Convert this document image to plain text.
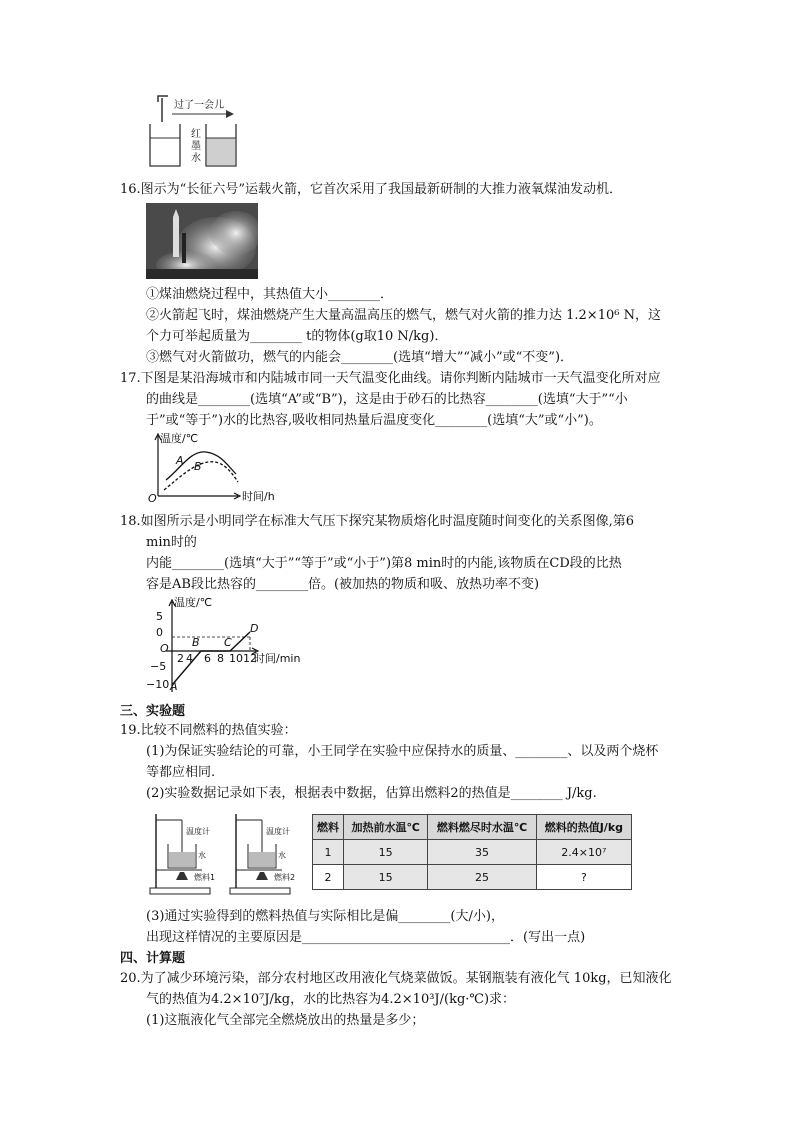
过了一会儿
红
墨
水
16.图示为“长征六号”运载火箭，它首次采用了我国最新研制的大推力液氧煤油发动机．
①煤油燃烧过程中，其热值大小________．
②火箭起飞时，煤油燃烧产生大量高温高压的燃气，燃气对火箭的推力达 1.2×10⁶ N，这
个力可举起质量为________ t的物体(g取10 N/kg)．
③燃气对火箭做功，燃气的内能会________(选填“增大”“减小”或“不变”)．
17.下图是某沿海城市和内陆城市同一天气温变化曲线。请你判断内陆城市一天气温变化所对应
的曲线是________(选填“A”或“B”)，这是由于砂石的比热容________(选填“大于”“小
于”或“等于”)水的比热容,吸收相同热量后温度变化________(选填“大”或“小”)。
温度/℃
时间/h
O
A B
18.如图所示是小明同学在标准大气压下探究某物质熔化时温度随时间变化的关系图像,第6
min时的
内能________(选填“大于”“等于”或“小于”)第8 min时的内能,该物质在CD段的比热
容是AB段比热容的________倍。(被加热的物质和吸、放热功率不变)
温度/℃
时间/min
O
5
0
−5
−10
2 4 6 8 10 12
A
B C
D
三、实验题
19.比较不同燃料的热值实验：
(1)为保证实验结论的可靠，小王同学在实验中应保持水的质量、________、以及两个烧杯
等都应相同.
(2)实验数据记录如下表，根据表中数据，估算出燃料2的热值是________ J/kg.
温度计
水
燃料1
温度计
水
燃料2
燃料	加热前水温℃	燃料燃尽时水温℃	燃料的热值J/kg
1	15	35	2.4×10⁷
2	15	25	?
(3)通过实验得到的燃料热值与实际相比是偏________(大/小)，
出现这样情况的主要原因是________________________________．(写出一点)
四、计算题
20.为了减少环境污染，部分农村地区改用液化气烧菜做饭。某钢瓶装有液化气 10kg，已知液化
气的热值为4.2×10⁷J/kg，水的比热容为4.2×10³J/(kg·℃)求：
(1)这瓶液化气全部完全燃烧放出的热量是多少；
